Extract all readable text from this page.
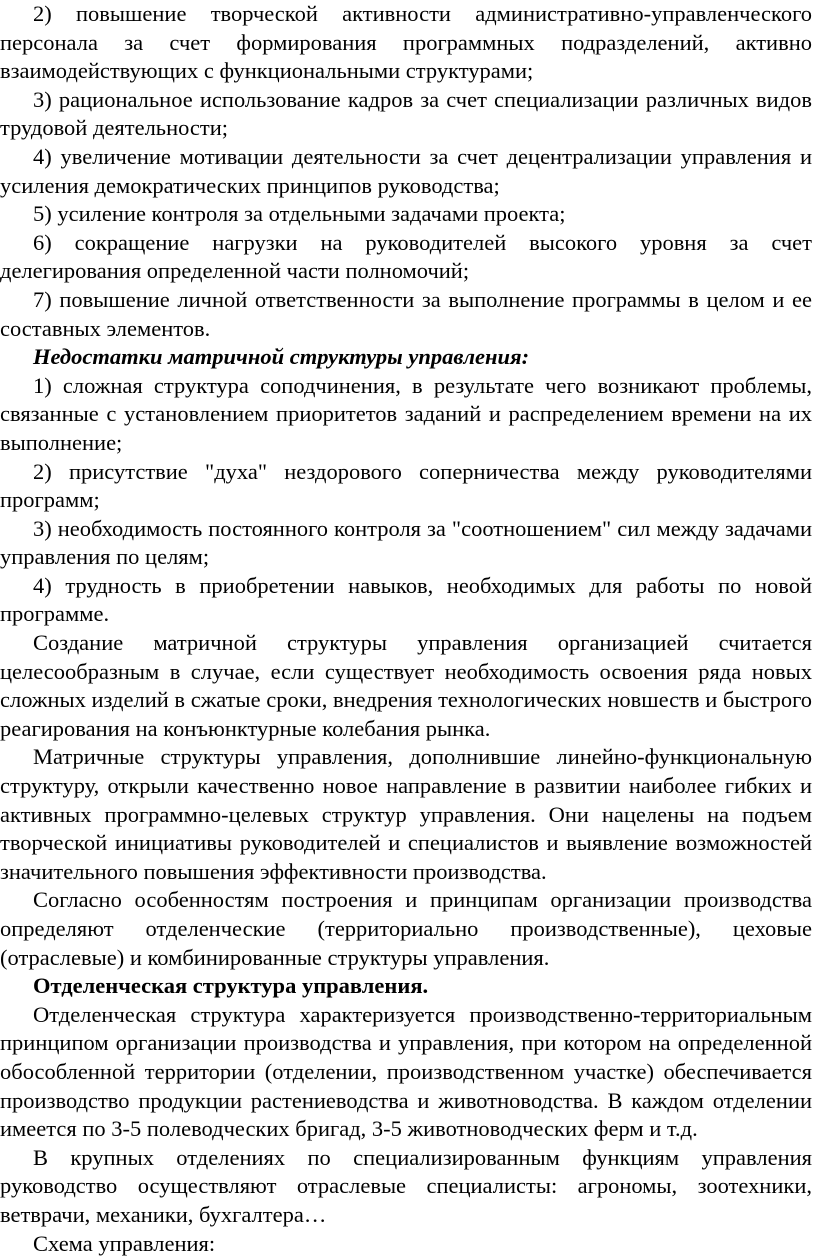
2) повышение творческой активности административно-управленческого персонала за счет формирования программных подразделений, активно взаимодействующих с функциональными структурами;

3) рациональное использование кадров за счет специализации различных видов трудовой деятельности;

4) увеличение мотивации деятельности за счет децентрализации управления и усиления демократических принципов руководства;

5) усиление контроля за отдельными задачами проекта;

6) сокращение нагрузки на руководителей высокого уровня за счет делегирования определенной части полномочий;

7) повышение личной ответственности за выполнение программы в целом и ее составных элементов.

Недостатки матричной структуры управления:

1) сложная структура соподчинения, в результате чего возникают проблемы, связанные с установлением приоритетов заданий и распределением времени на их выполнение;

2) присутствие "духа" нездорового соперничества между руководителями программ;

3) необходимость постоянного контроля за "соотношением" сил между задачами управления по целям;

4) трудность в приобретении навыков, необходимых для работы по новой программе.

Создание матричной структуры управления организацией считается целесообразным в случае, если существует необходимость освоения ряда новых сложных изделий в сжатые сроки, внедрения технологических новшеств и быстрого реагирования на конъюнктурные колебания рынка.

Матричные структуры управления, дополнившие линейно-функциональную структуру, открыли качественно новое направление в развитии наиболее гибких и активных программно-целевых структур управления. Они нацелены на подъем творческой инициативы руководителей и специалистов и выявление возможностей значительного повышения эффективности производства.

Согласно особенностям построения и принципам организации производства определяют отделенческие (территориально производственные), цеховые (отраслевые) и комбинированные структуры управления.

Отделенческая структура управления.

Отделенческая структура характеризуется производственно-территориальным принципом организации производства и управления, при котором на определенной обособленной территории (отделении, производственном участке) обеспечивается производство продукции растениеводства и животноводства. В каждом отделении имеется по 3-5 полеводческих бригад, 3-5 животноводческих ферм и т.д.

В крупных отделениях по специализированным функциям управления руководство осуществляют отраслевые специалисты: агрономы, зоотехники, ветврачи, механики, бухгалтера…

Схема управления:
